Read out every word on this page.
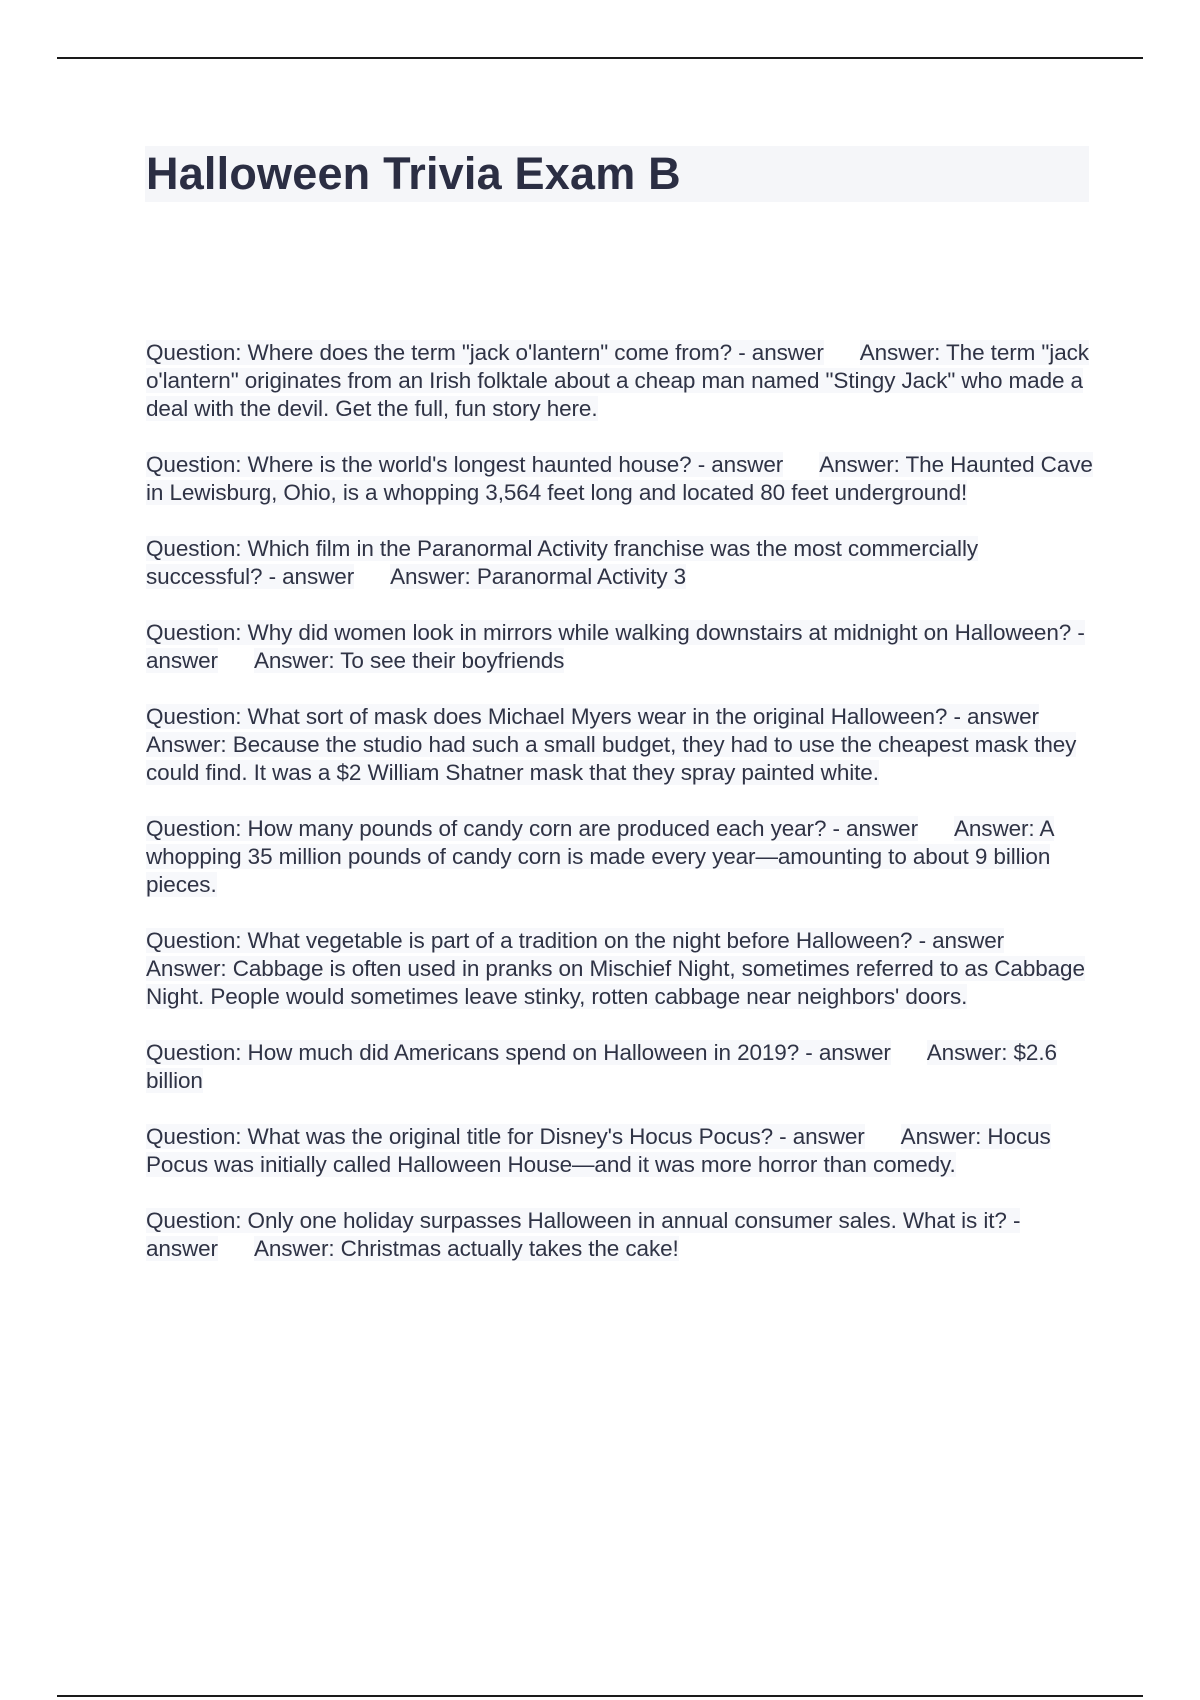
Halloween Trivia Exam B

Question: Where does the term "jack o'lantern" come from? - answer Answer: The term "jack o'lantern" originates from an Irish folktale about a cheap man named "Stingy Jack" who made a deal with the devil. Get the full, fun story here.

Question: Where is the world's longest haunted house? - answer Answer: The Haunted Cave in Lewisburg, Ohio, is a whopping 3,564 feet long and located 80 feet underground!

Question: Which film in the Paranormal Activity franchise was the most commercially successful? - answer Answer: Paranormal Activity 3

Question: Why did women look in mirrors while walking downstairs at midnight on Halloween? - answer Answer: To see their boyfriends

Question: What sort of mask does Michael Myers wear in the original Halloween? - answerAnswer: Because the studio had such a small budget, they had to use the cheapest mask they could find. It was a $2 William Shatner mask that they spray painted white.

Question: How many pounds of candy corn are produced each year? - answer Answer: A whopping 35 million pounds of candy corn is made every year—amounting to about 9 billion pieces.

Question: What vegetable is part of a tradition on the night before Halloween? - answerAnswer: Cabbage is often used in pranks on Mischief Night, sometimes referred to as Cabbage Night. People would sometimes leave stinky, rotten cabbage near neighbors' doors.

Question: How much did Americans spend on Halloween in 2019? - answer Answer: $2.6 billion

Question: What was the original title for Disney's Hocus Pocus? - answer Answer: Hocus Pocus was initially called Halloween House—and it was more horror than comedy.

Question: Only one holiday surpasses Halloween in annual consumer sales. What is it? - answer Answer: Christmas actually takes the cake!
